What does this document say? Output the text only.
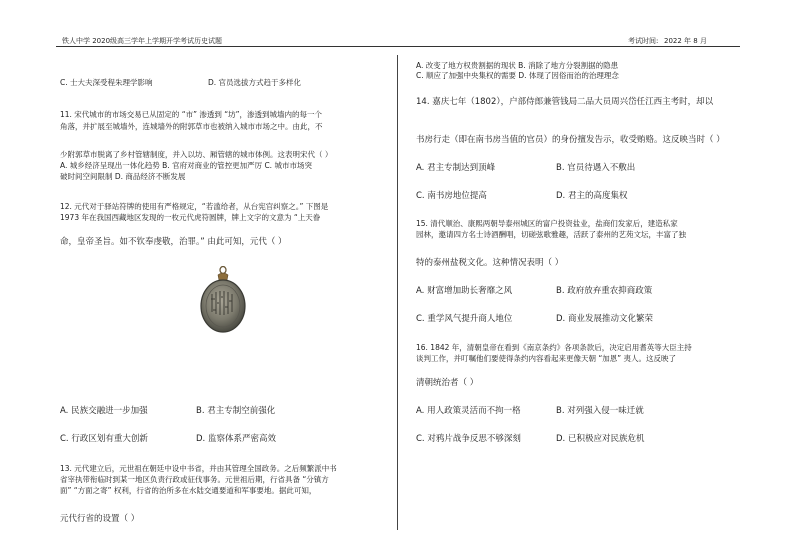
铁人中学 2020级高三学年上学期开学考试历史试题	考试时间: 2022 年 8 月
C. 士大夫深受程朱理学影响	D. 官员选拔方式趋于多样化
11. 宋代城市的市场交易已从固定的 “市” 渗透到 “坊”，渗透到城墙内的每一个
角落，并扩展至城墙外，连城墙外的附郭草市也被纳入城市市场之中。由此，不
少附郭草市脱离了乡村管辖制度，并入以坊、厢管辖的城市体例。这表明宋代（ ）
A. 城乡经济呈现出一体化趋势 B. 官府对商业的管控更加严厉 C. 城市市场突
破时间空间限制 D. 商品经济不断发展
12. 元代对于驿站符牌的使用有严格规定，“若滥给者，从台宪官纠察之。” 下图是
1973 年在我国西藏地区发现的一枚元代虎符圆牌，牌上文字的文意为 “上天眷
命，皇帝圣旨。如不钦奉虔敬，治罪。” 由此可知，元代（ ）
A. 民族交融进一步加强	B. 君主专制空前强化
C. 行政区划有重大创新	D. 监察体系严密高效
13. 元代建立后，元世祖在朝廷中设中书省，并由其管理全国政务。之后频繁派中书
省宰执带衔临时到某一地区负责行政或征伐事务。元世祖后期，行省具备 “分镇方
面” “方面之寄” 权利，行省的治所多在水陆交通要道和军事要地。据此可知，
元代行省的设置（ ）
A. 改变了地方权贵割据的现状 B. 消除了地方分裂割据的隐患
C. 顺应了加强中央集权的需要 D. 体现了因俗而治的治理理念
14. 嘉庆七年（1802），户部侍郎兼管钱局二品大员周兴岱任江西主考时，却以
书房行走（即在南书房当值的官员）的身份擅发告示，收受贿赂。这反映当时（ ）
A. 君主专制达到顶峰	B. 官员待遇入不敷出
C. 南书房地位提高	D. 君主的高度集权
15. 清代顺治、康熙两朝导泰州城区的富户投资盐业，盐商们发家后，建造私家
园林，邀请四方名士诗酒酬唱，切磋弦歌雅趣，活跃了泰州的艺苑文坛，丰富了独
特的泰州盐税文化。这种情况表明（ ）
A. 财富增加助长奢靡之风	B. 政府放弃重农抑商政策
C. 重学风气提升商人地位	D. 商业发展推动文化繁荣
16. 1842 年，清朝皇帝在看到《南京条约》各项条款后，决定启用耆英等大臣主持
谈判工作，并叮嘱他们要使得条约内容看起来更像天朝 “加恩” 夷人。这反映了
清朝统治者（ ）
A. 用人政策灵活而不拘一格	B. 对列强入侵一味迁就
C. 对鸦片战争反思不够深刻	D. 已积极应对民族危机
